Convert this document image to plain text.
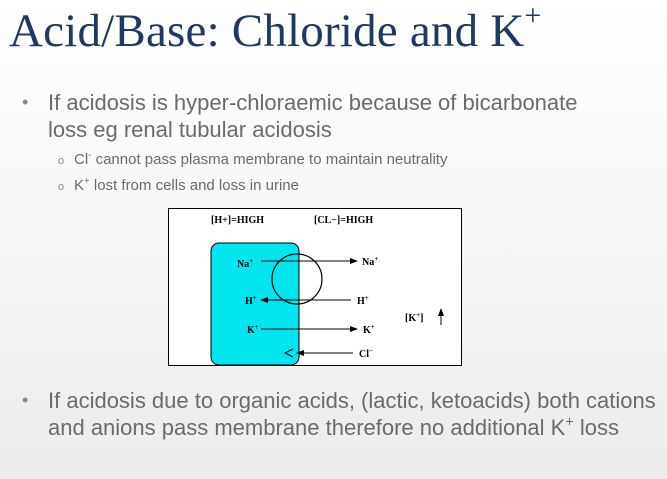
Acid/Base: Chloride and K+
• If acidosis is hyper-chloraemic because of bicarbonate loss eg renal tubular acidosis
o Cl- cannot pass plasma membrane to maintain neutrality
o K+ lost from cells and loss in urine
[H+]=HIGH	[CL−]=HIGH
Na+	Na+
H+	H+
K+	K+
Cl−
[K+]
• If acidosis due to organic acids, (lactic, ketoacids) both cations and anions pass membrane therefore no additional K+ loss
